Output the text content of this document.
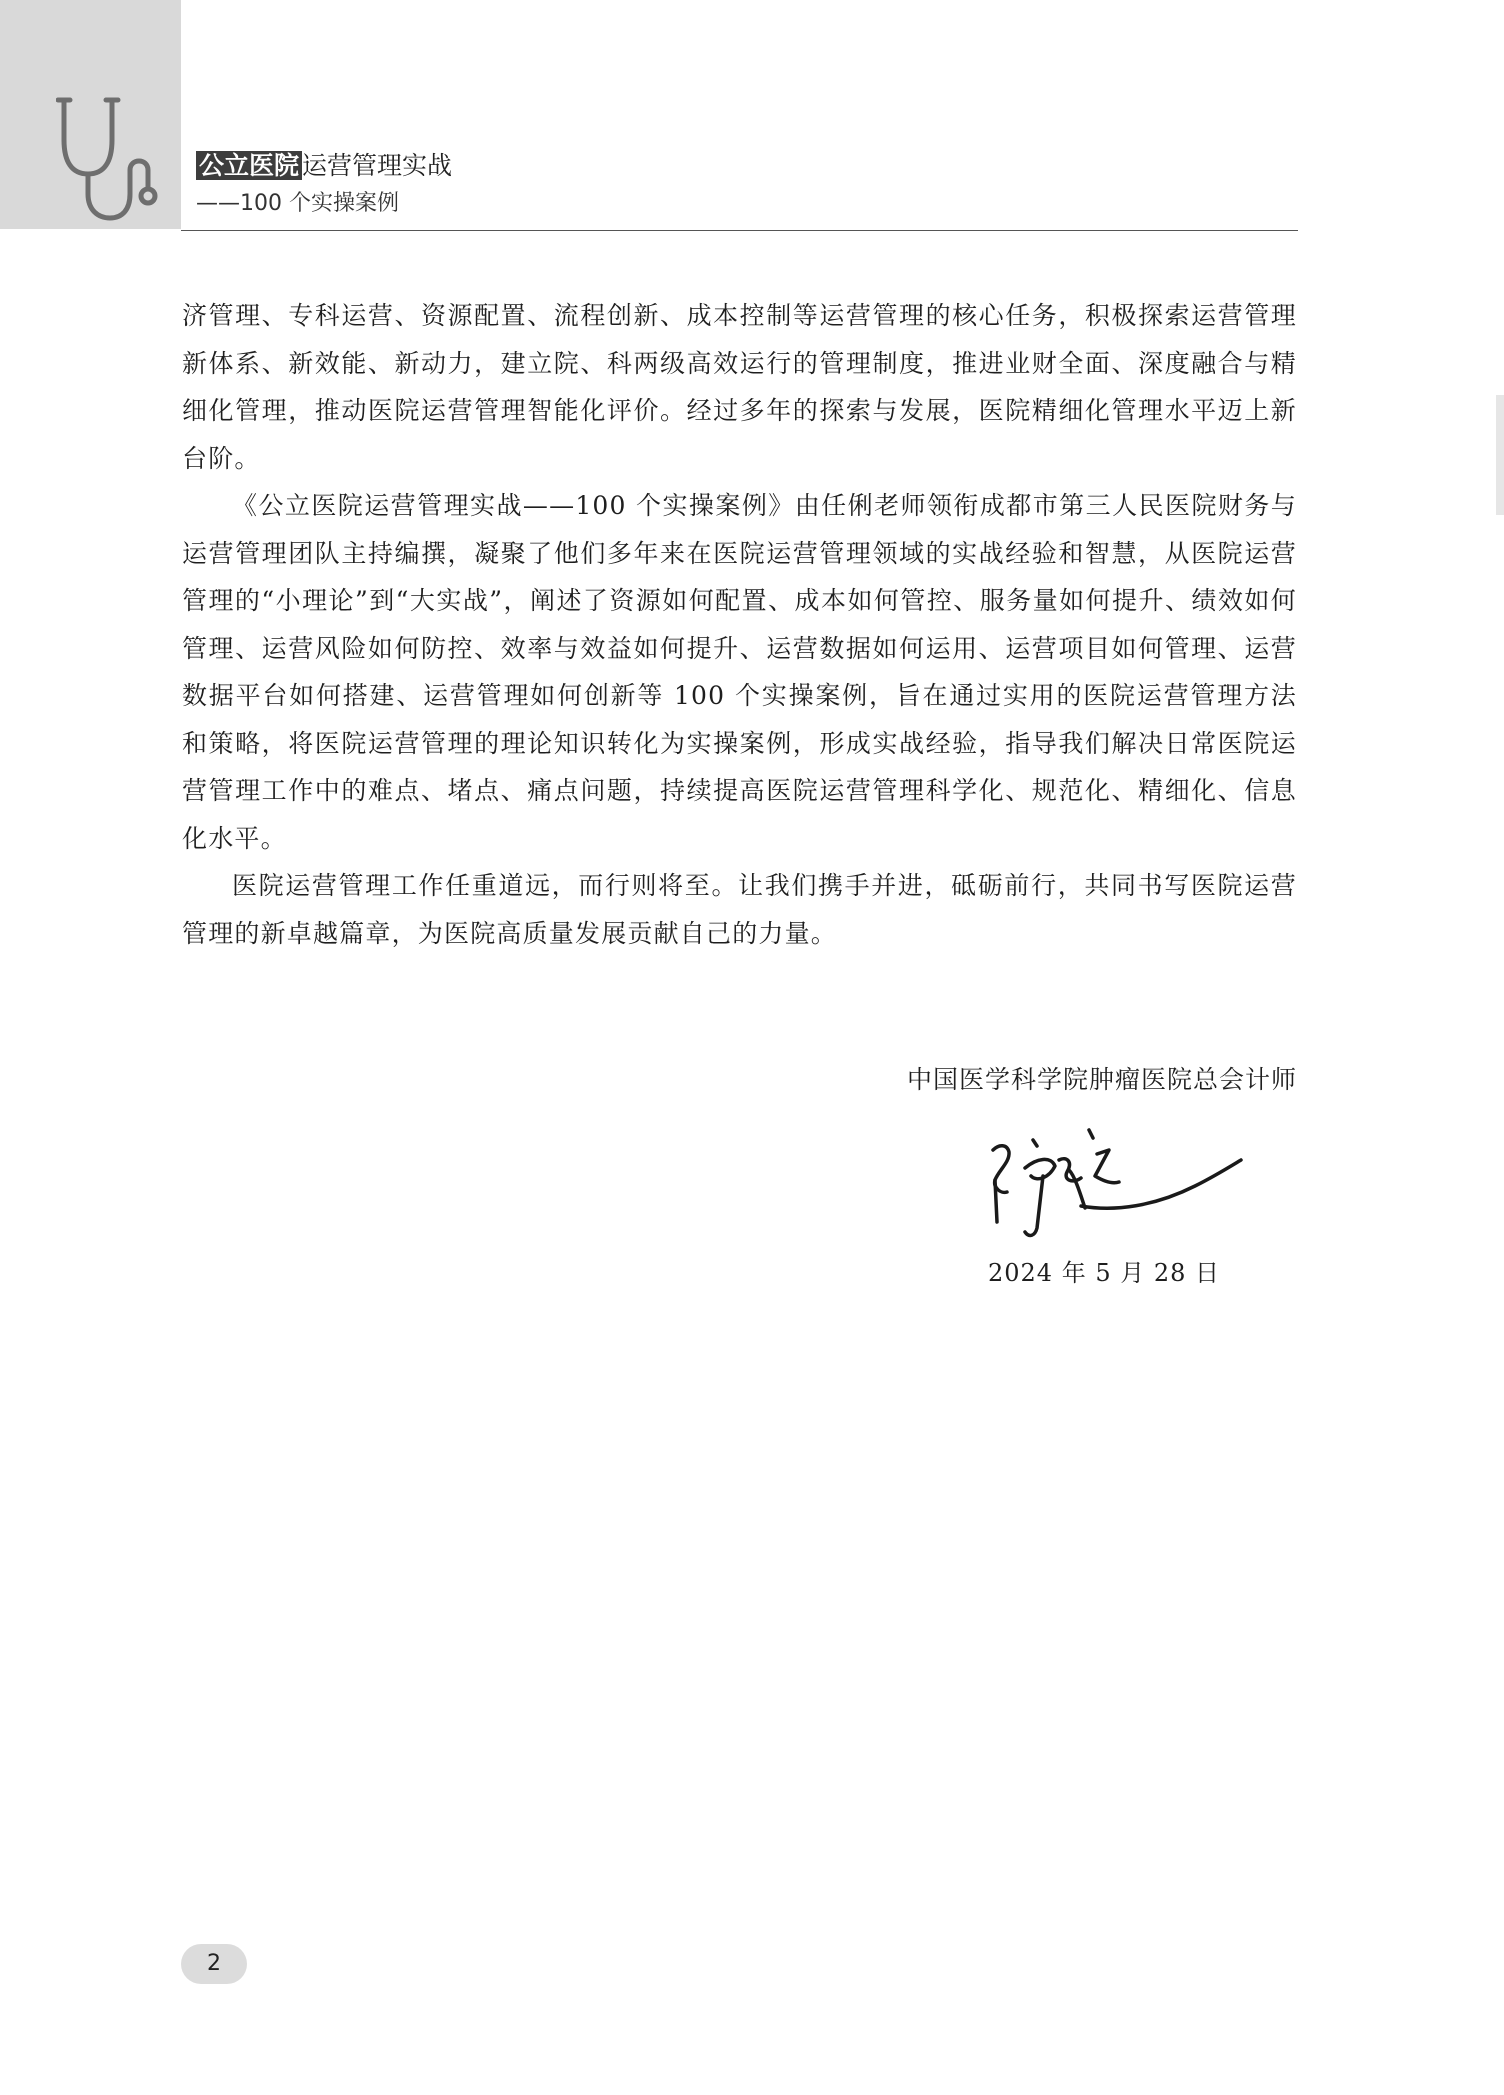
公立医院 运营管理实战
——100 个实操案例

济管理、专科运营、资源配置、流程创新、成本控制等运营管理的核心任务，积极探索运营管理新体系、新效能、新动力，建立院、科两级高效运行的管理制度，推进业财全面、深度融合与精细化管理，推动医院运营管理智能化评价。经过多年的探索与发展，医院精细化管理水平迈上新台阶。

《公立医院运营管理实战——100 个实操案例》由任俐老师领衔成都市第三人民医院财务与运营管理团队主持编撰，凝聚了他们多年来在医院运营管理领域的实战经验和智慧，从医院运营管理的“小理论”到“大实战”，阐述了资源如何配置、成本如何管控、服务量如何提升、绩效如何管理、运营风险如何防控、效率与效益如何提升、运营数据如何运用、运营项目如何管理、运营数据平台如何搭建、运营管理如何创新等 100 个实操案例，旨在通过实用的医院运营管理方法和策略，将医院运营管理的理论知识转化为实操案例，形成实战经验，指导我们解决日常医院运营管理工作中的难点、堵点、痛点问题，持续提高医院运营管理科学化、规范化、精细化、信息化水平。

医院运营管理工作任重道远，而行则将至。让我们携手并进，砥砺前行，共同书写医院运营管理的新卓越篇章，为医院高质量发展贡献自己的力量。

中国医学科学院肿瘤医院总会计师
2024 年 5 月 28 日
2
